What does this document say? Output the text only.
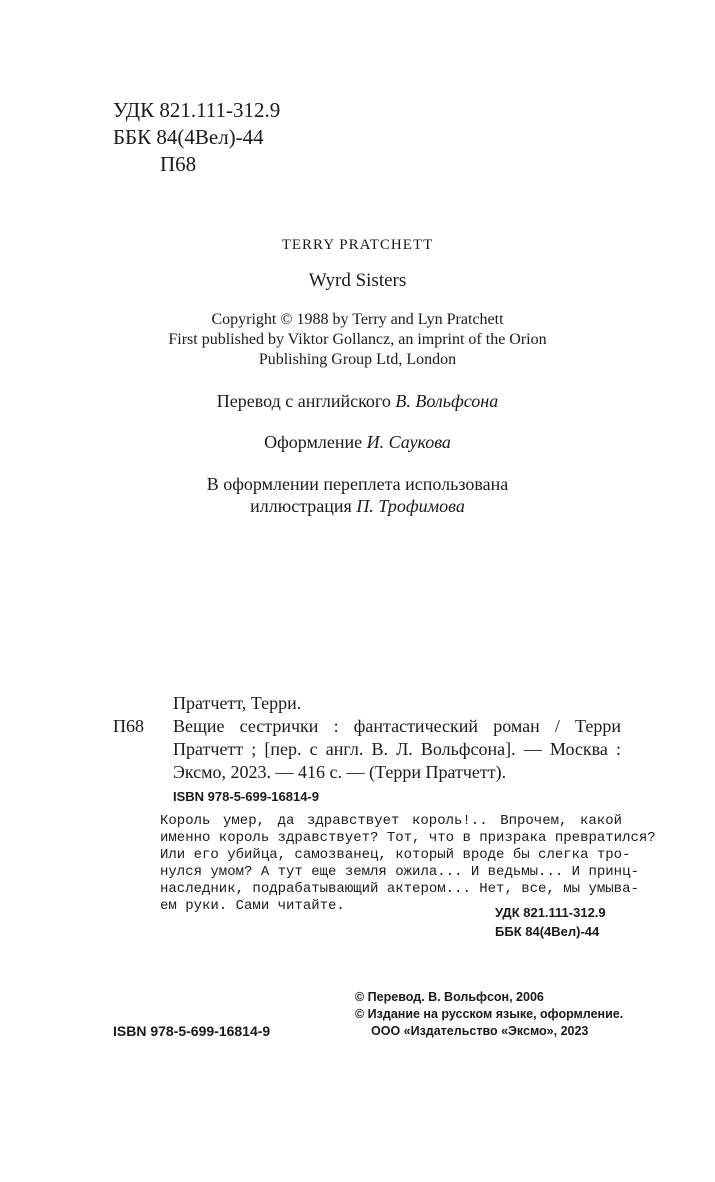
УДК 821.111-312.9
ББК 84(4Вел)-44
П68
TERRY PRATCHETT
Wyrd Sisters
Copyright © 1988 by Terry and Lyn Pratchett
First published by Viktor Gollancz, an imprint of the Orion
Publishing Group Ltd, London
Перевод с английского В. Вольфсона
Оформление И. Саукова
В оформлении переплета использована
иллюстрация П. Трофимова
Пратчетт, Терри.
П68 Вещие сестрички : фантастический роман / Терри
Пратчетт ; [пер. с англ. В. Л. Вольфсона]. — Москва :
Эксмо, 2023. — 416 с. — (Терри Пратчетт).
ISBN 978-5-699-16814-9
Король умер, да здравствует король!.. Впрочем, какой
именно король здравствует? Тот, что в призрака превратился?
Или его убийца, самозванец, который вроде бы слегка тро-
нулся умом? А тут еще земля ожила... И ведьмы... И принц-
наследник, подрабатывающий актером... Нет, все, мы умыва-
ем руки. Сами читайте.	УДК 821.111-312.9
ББК 84(4Вел)-44
ISBN 978-5-699-16814-9
© Перевод. В. Вольфсон, 2006
© Издание на русском языке, оформление.
ООО «Издательство «Эксмо», 2023
